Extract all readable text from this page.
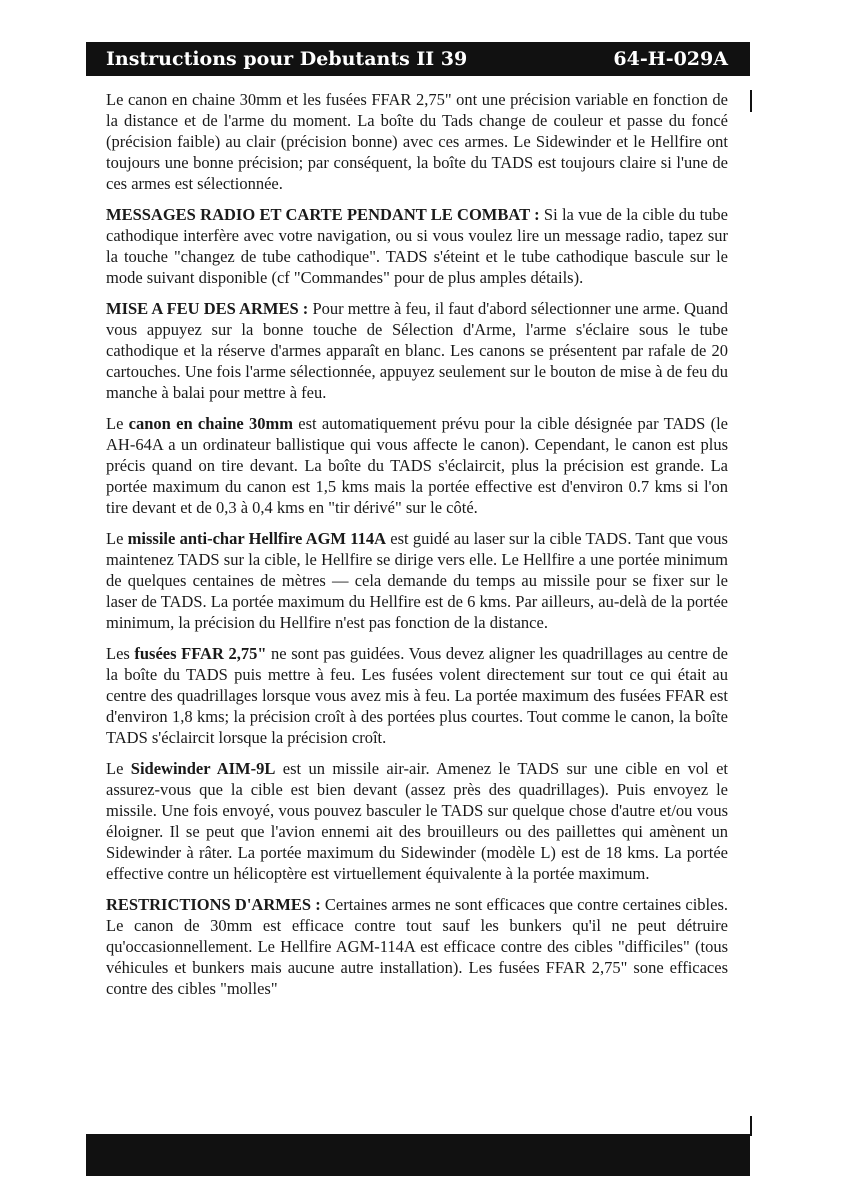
Instructions pour Debutants II 39	64-H-029A

Le canon en chaine 30mm et les fusées FFAR 2,75" ont une précision variable en fonction de la distance et de l'arme du moment. La boîte du Tads change de couleur et passe du foncé (précision faible) au clair (précision bonne) avec ces armes. Le Sidewinder et le Hellfire ont toujours une bonne précision; par conséquent, la boîte du TADS est toujours claire si l'une de ces armes est sélectionnée.

MESSAGES RADIO ET CARTE PENDANT LE COMBAT : Si la vue de la cible du tube cathodique interfère avec votre navigation, ou si vous voulez lire un message radio, tapez sur la touche "changez de tube cathodique". TADS s'éteint et le tube cathodique bascule sur le mode suivant disponible (cf "Commandes" pour de plus amples détails).

MISE A FEU DES ARMES : Pour mettre à feu, il faut d'abord sélectionner une arme. Quand vous appuyez sur la bonne touche de Sélection d'Arme, l'arme s'éclaire sous le tube cathodique et la réserve d'armes apparaît en blanc. Les canons se présentent par rafale de 20 cartouches. Une fois l'arme sélectionnée, appuyez seulement sur le bouton de mise à de feu du manche à balai pour mettre à feu.

Le canon en chaine 30mm est automatiquement prévu pour la cible désignée par TADS (le AH-64A a un ordinateur ballistique qui vous affecte le canon). Cependant, le canon est plus précis quand on tire devant. La boîte du TADS s'éclaircit, plus la précision est grande. La portée maximum du canon est 1,5 kms mais la portée effective est d'environ 0.7 kms si l'on tire devant et de 0,3 à 0,4 kms en "tir dérivé" sur le côté.

Le missile anti-char Hellfire AGM 114A est guidé au laser sur la cible TADS. Tant que vous maintenez TADS sur la cible, le Hellfire se dirige vers elle. Le Hellfire a une portée minimum de quelques centaines de mètres — cela demande du temps au missile pour se fixer sur le laser de TADS. La portée maximum du Hellfire est de 6 kms. Par ailleurs, au-delà de la portée minimum, la précision du Hellfire n'est pas fonction de la distance.

Les fusées FFAR 2,75" ne sont pas guidées. Vous devez aligner les quadrillages au centre de la boîte du TADS puis mettre à feu. Les fusées volent directement sur tout ce qui était au centre des quadrillages lorsque vous avez mis à feu. La portée maximum des fusées FFAR est d'environ 1,8 kms; la précision croît à des portées plus courtes. Tout comme le canon, la boîte TADS s'éclaircit lorsque la précision croît.

Le Sidewinder AIM-9L est un missile air-air. Amenez le TADS sur une cible en vol et assurez-vous que la cible est bien devant (assez près des quadrillages). Puis envoyez le missile. Une fois envoyé, vous pouvez basculer le TADS sur quelque chose d'autre et/ou vous éloigner. Il se peut que l'avion ennemi ait des brouilleurs ou des paillettes qui amènent un Sidewinder à râter. La portée maximum du Sidewinder (modèle L) est de 18 kms. La portée effective contre un hélicoptère est virtuellement équivalente à la portée maximum.

RESTRICTIONS D'ARMES : Certaines armes ne sont efficaces que contre certaines cibles. Le canon de 30mm est efficace contre tout sauf les bunkers qu'il ne peut détruire qu'occasionnellement. Le Hellfire AGM-114A est efficace contre des cibles "difficiles" (tous véhicules et bunkers mais aucune autre installation). Les fusées FFAR 2,75" sone efficaces contre des cibles "molles"
